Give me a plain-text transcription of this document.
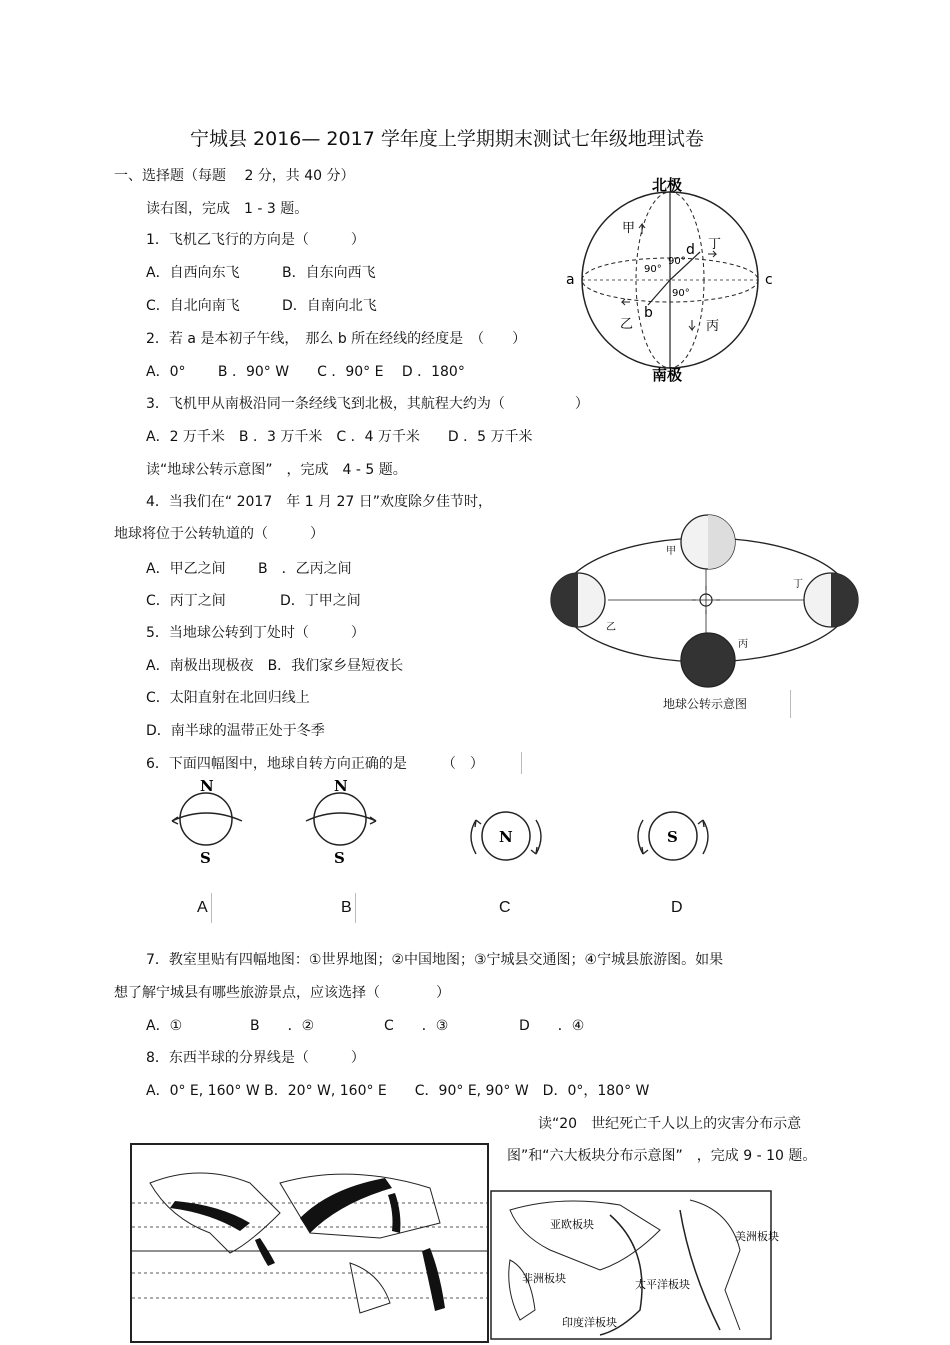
宁城县 2016— 2017 学年度上学期期末测试七年级地理试卷
一、选择题（每题　 2 分，共 40 分）
读右图，完成　1 - 3 题。
1．飞机乙飞行的方向是（　　　）
A．自西向东飞	B．自东向西飞
C．自北向南飞	D．自南向北飞
2．若 a 是本初子午线，　那么 b 所在经线的经度是　（　　）
A．0°　　 B ．90° W　　C ．90° E　 D ．180°
3．飞机甲从南极沿同一条经线飞到北极，其航程大约为（　　　　　）
A．2 万千米　B ．3 万千米　C ．4 万千米　　D ．5 万千米
读“地球公转示意图”　，完成　4 - 5 题。
4．当我们在“ 2017　年 1 月 27 日”欢度除夕佳节时，
地球将位于公转轨道的（　　　）
A．甲乙之间 B　．乙丙之间
C．丙丁之间	D．丁甲之间
5．当地球公转到丁处时（　　　）
A．南极出现极夜　B．我们家乡昼短夜长
C．太阳直射在北回归线上
D．南半球的温带正处于冬季
6．下面四幅图中，地球自转方向正确的是　　　（　）
N
S
N
S
N	S
A	B	C	D
7．教室里贴有四幅地图：①世界地图；②中国地图；③宁城县交通图；④宁城县旅游图。如果
想了解宁城县有哪些旅游景点，应该选择（　　　　）
A．①	B　　．②	C　　．③	D　　．④
8．东西半球的分界线是（　　　）
A．0° E, 160° W B．20° W, 160° E　　C．90° E, 90° W　D．0°，180° W
读“20　世纪死亡千人以上的灾害分布示意
图”和“六大板块分布示意图”　，完成 9 - 10 题。
北极
a
b
c
d
90°
90°
90°
甲
乙	丙
丁
南极
甲
乙
丙
丁
地球公转示意图
亚欧板块
太平洋板块
非洲板块
印度洋板块
美洲板块
